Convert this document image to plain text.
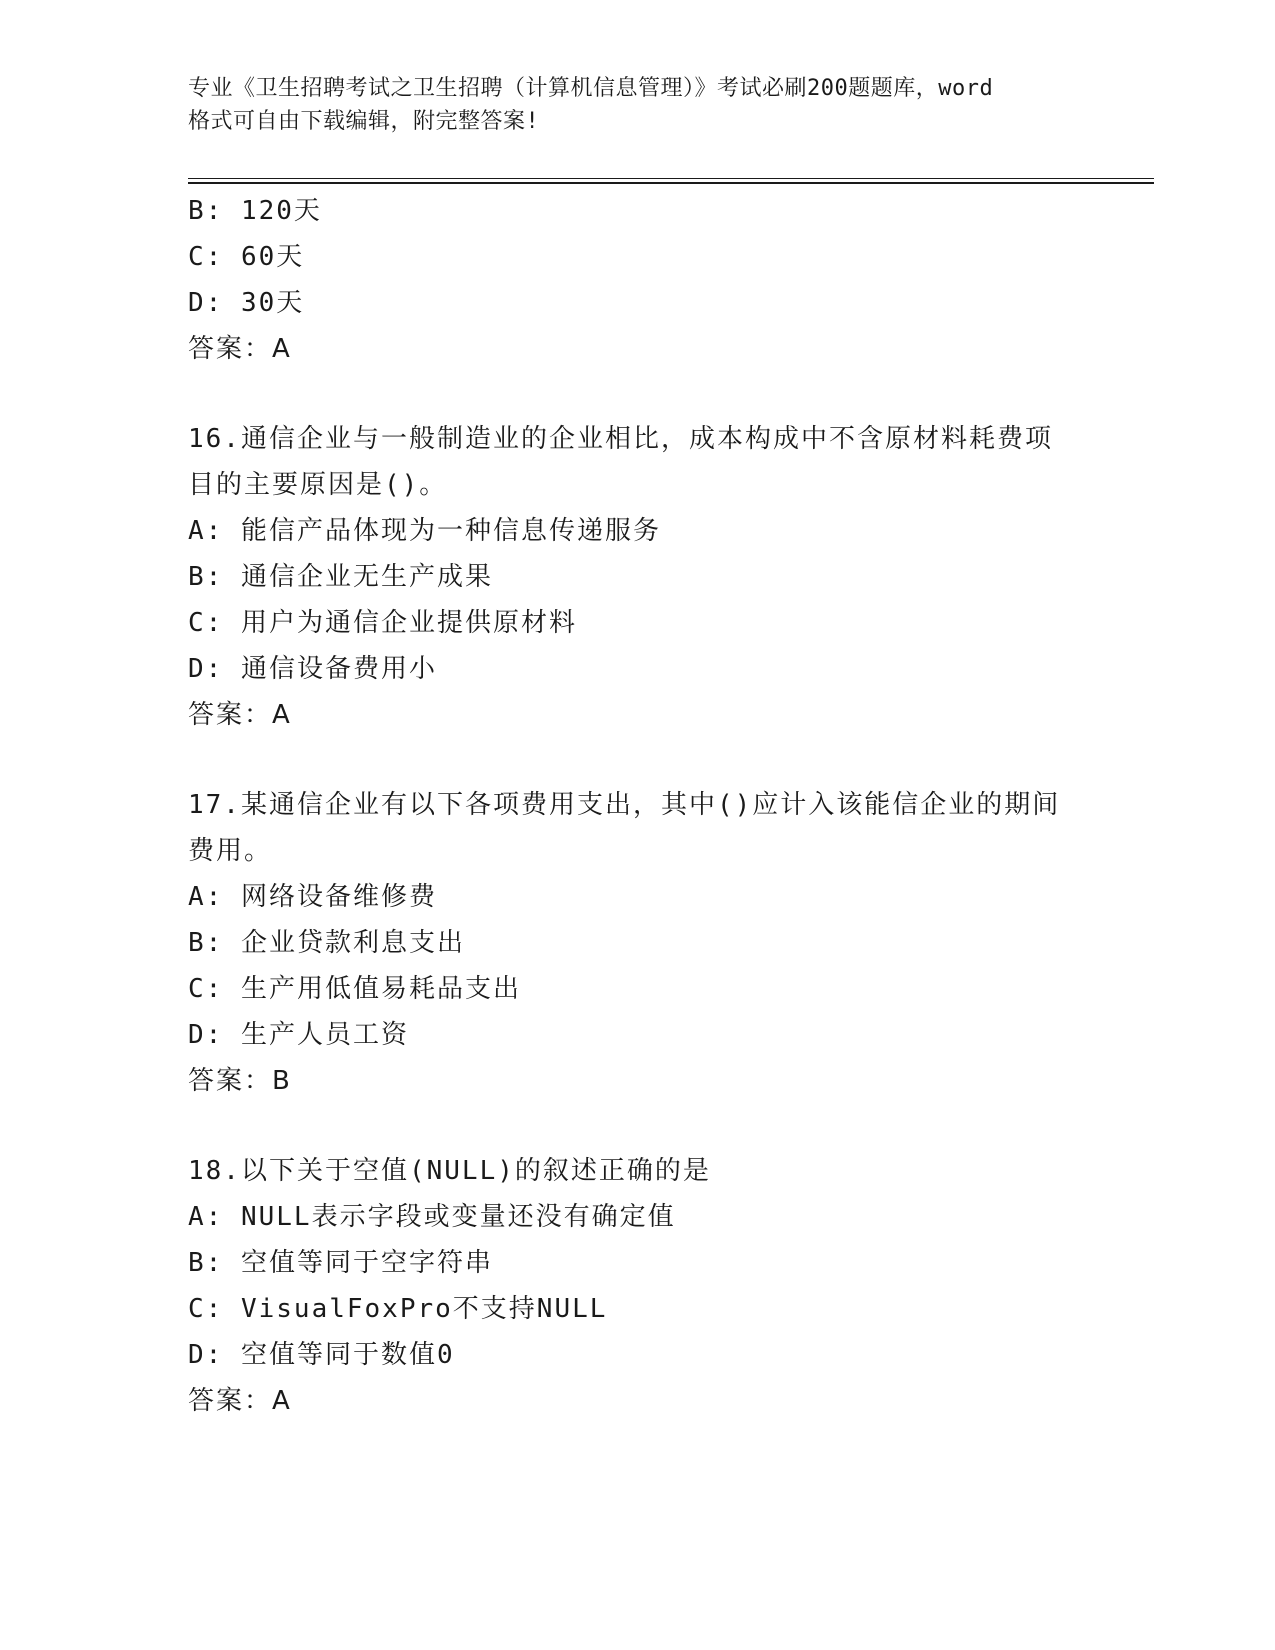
专业《卫生招聘考试之卫生招聘（计算机信息管理）》考试必刷200题题库，word
格式可自由下载编辑，附完整答案!
B: 120天
C: 60天
D: 30天
答案：A
16.通信企业与一般制造业的企业相比，成本构成中不含原材料耗费项
目的主要原因是()。
A: 能信产品体现为一种信息传递服务
B: 通信企业无生产成果
C: 用户为通信企业提供原材料
D: 通信设备费用小
答案：A
17.某通信企业有以下各项费用支出，其中()应计入该能信企业的期间
费用。
A: 网络设备维修费
B: 企业贷款利息支出
C: 生产用低值易耗品支出
D: 生产人员工资
答案：B
18.以下关于空值(NULL)的叙述正确的是
A: NULL表示字段或变量还没有确定值
B: 空值等同于空字符串
C: VisualFoxPro不支持NULL
D: 空值等同于数值0
答案：A
